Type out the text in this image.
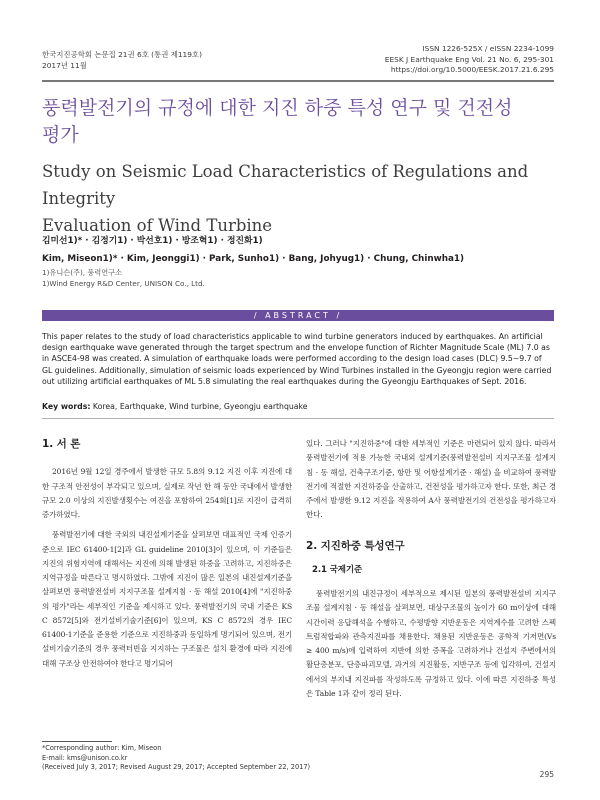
한국지진공학회 논문집 21권 6호 (통권 제119호)
2017년 11월
ISSN 1226-525X / eISSN 2234-1099
EESK J Earthquake Eng Vol. 21 No. 6, 295-301
https://doi.org/10.5000/EESK.2017.21.6.295
풍력발전기의 규정에 대한 지진 하중 특성 연구 및 건전성
평가
Study on Seismic Load Characteristics of Regulations and Integrity
Evaluation of Wind Turbine
김미선1)* · 김정기1) · 박선호1) · 방조혁1) · 정진화1)
Kim, Miseon1)* · Kim, Jeonggi1) · Park, Sunho1) · Bang, Johyug1) · Chung, Chinwha1)
1)유니슨(주), 풍력연구소
1)Wind Energy R&D Center, UNISON Co., Ltd.
/ ABSTRACT /
This paper relates to the study of load characteristics applicable to wind turbine generators induced by earthquakes. An artificial design earthquake wave generated through the target spectrum and the envelope function of Richter Magnitude Scale (ML) 7.0 as in ASCE4-98 was created. A simulation of earthquake loads were performed according to the design load cases (DLC) 9.5~9.7 of GL guidelines. Additionally, simulation of seismic loads experienced by Wind Turbines installed in the Gyeongju region were carried out utilizing artificial earthquakes of ML 5.8 simulating the real earthquakes during the Gyeongju Earthquakes of Sept. 2016.
Key words: Korea, Earthquake, Wind turbine, Gyeongju earthquake
1. 서 론

2016년 9월 12일 경주에서 발생한 규모 5.8의 9.12 지진 이후 지진에 대한 구조적 안전성이 부각되고 있으며, 실제로 작년 한 해 동안 국내에서 발생한 규모 2.0 이상의 지진발생횟수는 여진을 포함하여 254회[1]로 지진이 급격히 증가하였다.

풍력발전기에 대한 국외의 내진설계기준을 살펴보면 대표적인 국제 인증기준으로 IEC 61400-1[2]과 GL guideline 2010[3]이 있으며, 이 기준들은 지진의 위험지역에 대해서는 지진에 의해 발생된 하중을 고려하고, 지진하중은 지역규정을 따른다고 명시하였다. 그밖에 지진이 많은 일본의 내진설계기준을 살펴보면 풍력발전설비 지지구조물 설계지침 · 동 해설 2010[4]에 "지진하중의 평가"라는 세부적인 기준을 제시하고 있다. 풍력발전기의 국내 기준은 KS C 8572[5]와 전기설비기술기준[6]이 있으며, KS C 8572의 경우 IEC 61400-1기준을 준용한 기준으로 지진하중과 동일하게 명기되어 있으며, 전기설비기술기준의 경우 풍력터빈을 지지하는 구조물은 설치 환경에 따라 지진에 대해 구조상 안전하여야 한다고 명기되어

있다. 그러나 "지진하중"에 대한 세부적인 기준은 마련되어 있지 않다. 따라서 풍력발전기에 적용 가능한 국내외 설계기준(풍력발전설비 지지구조물 설계지침 · 동 해설, 건축구조기준, 항만 및 어항설계기준 · 해설) 을 비교하여 풍력발전기에 적절한 지진하중을 산출하고, 건전성을 평가하고자 한다. 또한, 최근 경주에서 발생한 9.12 지진을 적용하여 A사 풍력발전기의 건전성을 평가하고자 한다.

2. 지진하중 특성연구
2.1 국제기준

풍력발전기의 내진규정이 세부적으로 제시된 일본의 풍력발전설비 지지구조물 설계지침 · 동 해설을 살펴보면, 대상구조물의 높이가 60 m이상에 대해 시간이력 응답해석을 수행하고, 수평방향 지반운동은 지역계수를 고려한 스펙트럼적합파와 관측지진파를 채용한다. 채용된 지반운동은 공학적 기저면(Vs ≥ 400 m/s)에 입력하여 지반에 의한 증폭을 고려하거나 건설지 주변에서의 활단층분포, 단층파괴모델, 과거의 지진활동, 지반구조 등에 입각하여, 건설지에서의 부지내 지진파를 작성하도록 규정하고 있다. 이에 따른 지진하중 특성은 Table 1과 같이 정리 된다.

*Corresponding author: Kim, Miseon
E-mail: kms@unison.co.kr
(Received July 3, 2017; Revised August 29, 2017; Accepted September 22, 2017)
295
